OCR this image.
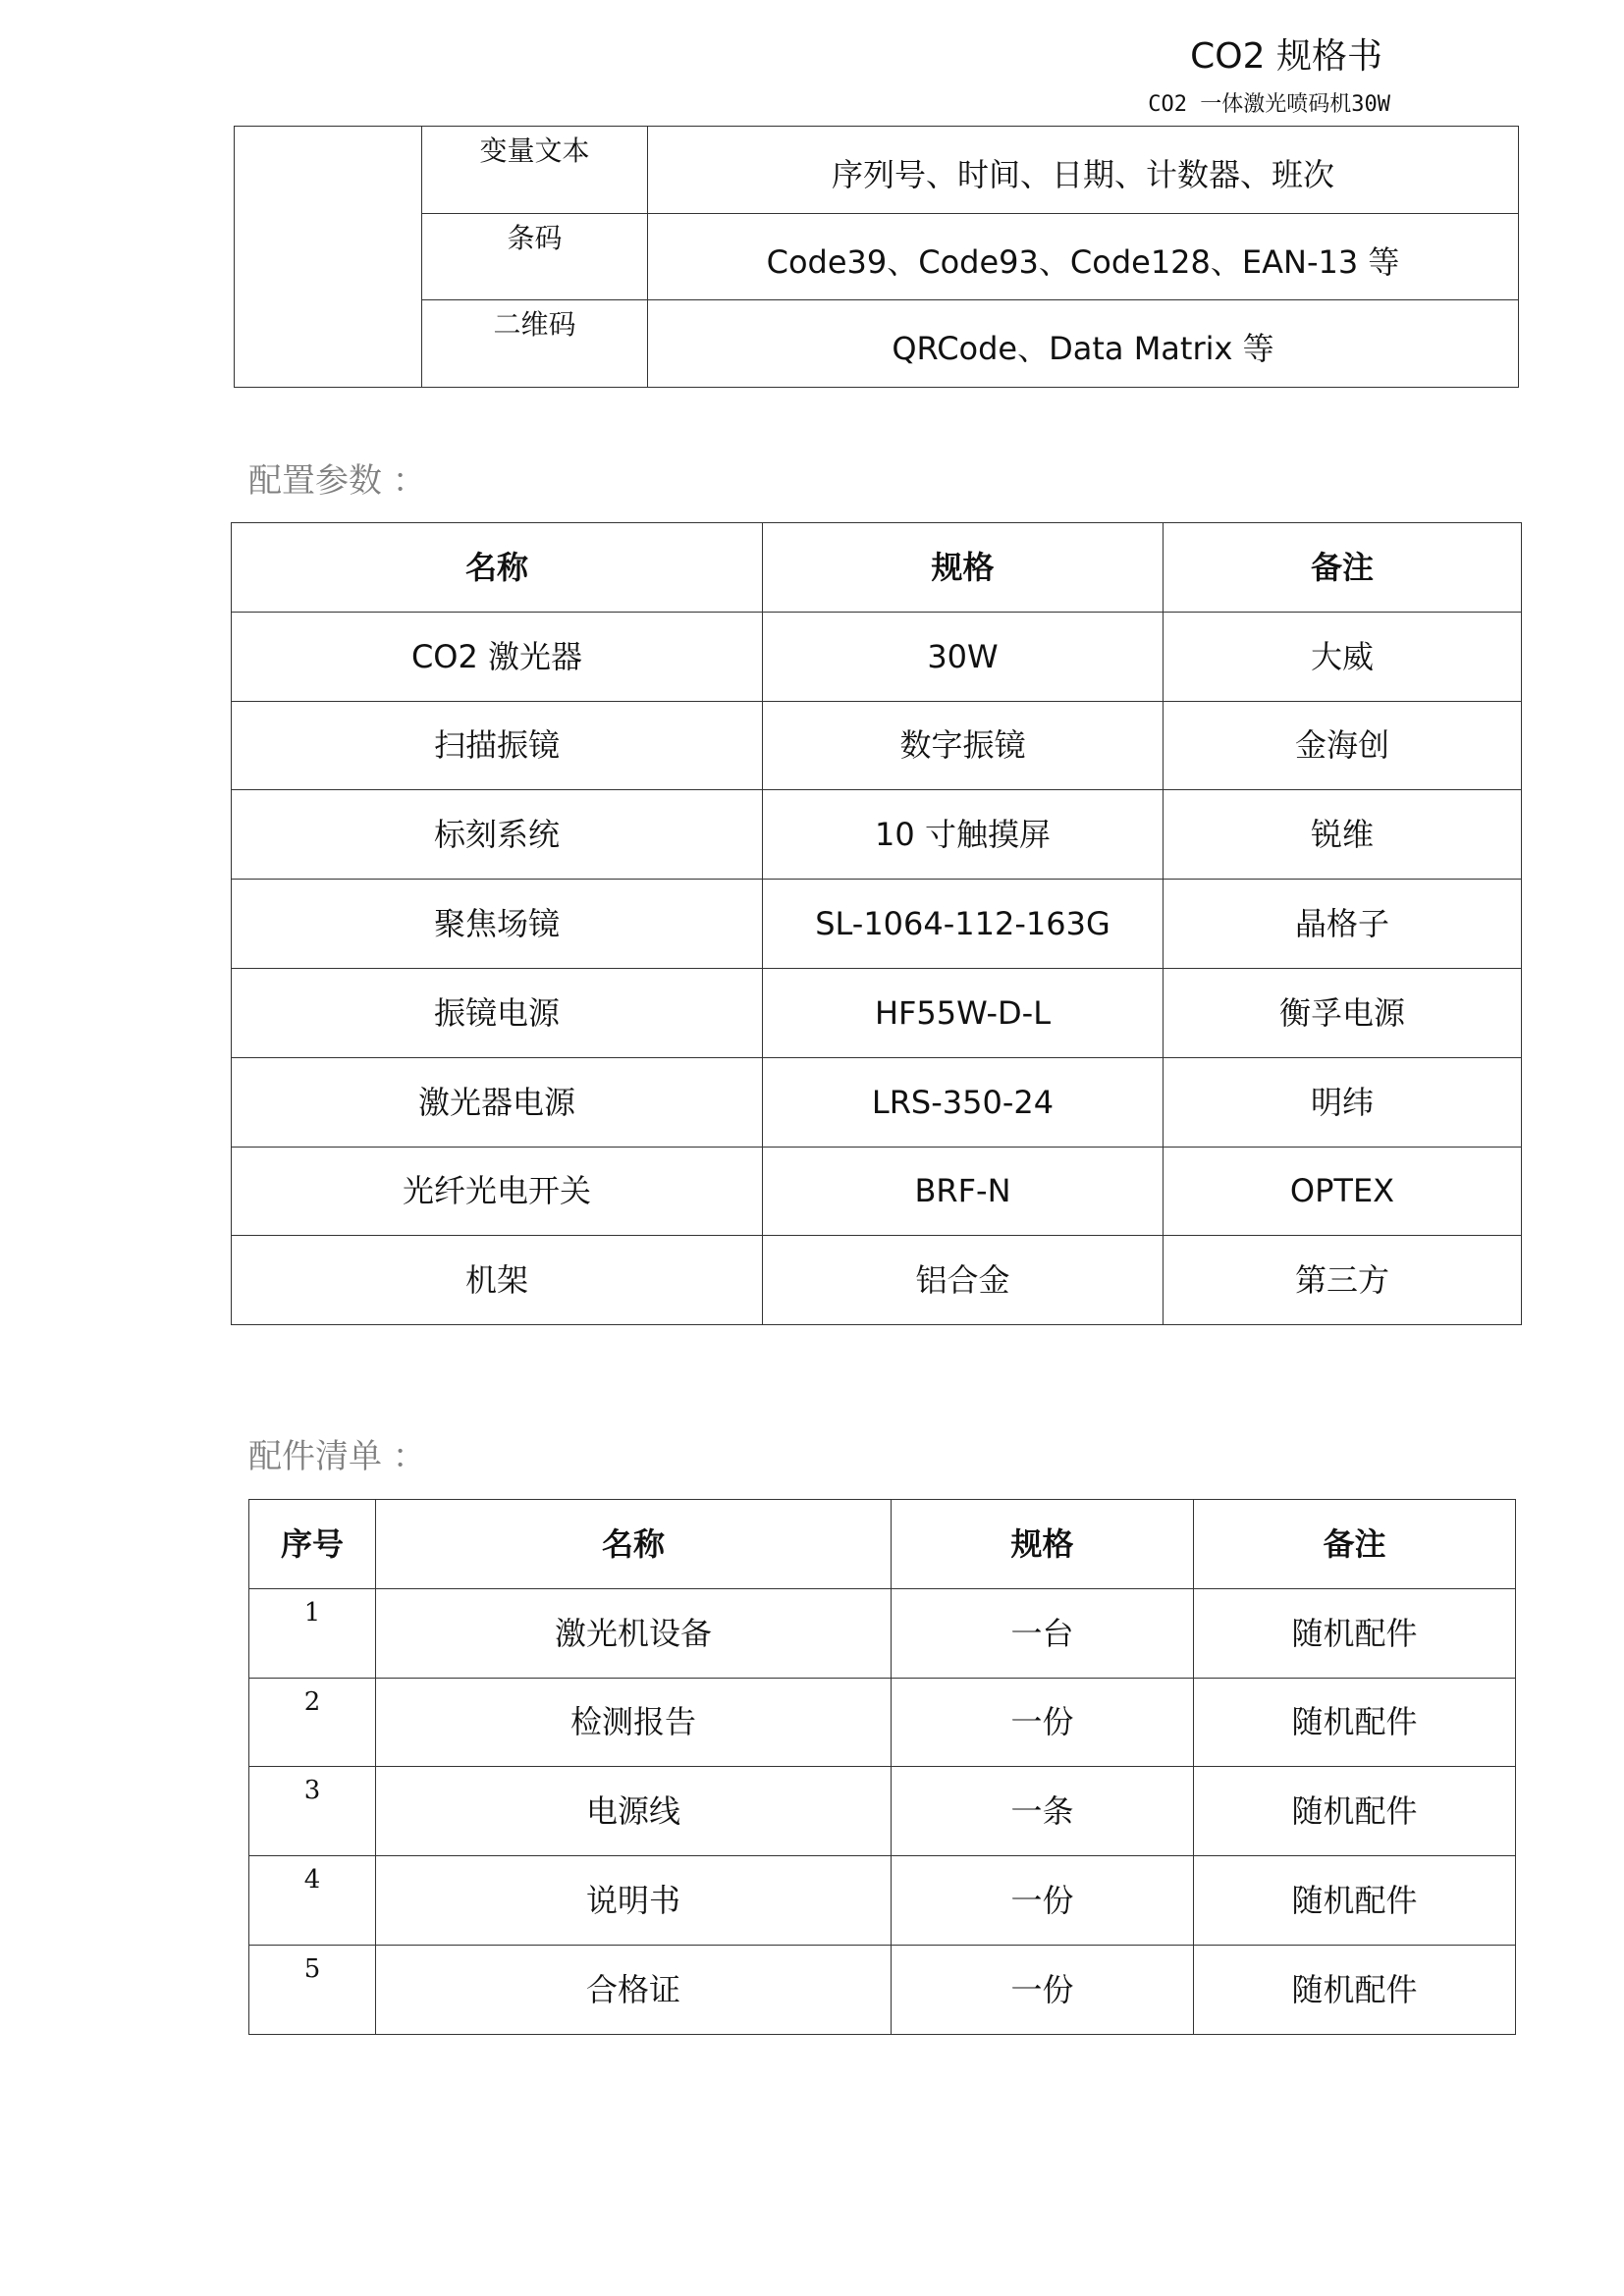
CO2 规格书
CO2 一体激光喷码机30W
	变量文本	序列号、时间、日期、计数器、班次
	条码	Code39、Code93、Code128、EAN-13 等
	二维码	QRCode、Data Matrix 等
配置参数 ：
名称	规格	备注
CO2 激光器	30W	大威
扫描振镜	数字振镜	金海创
标刻系统	10 寸触摸屏	锐维
聚焦场镜	SL-1064-112-163G	晶格子
振镜电源	HF55W-D-L	衡孚电源
激光器电源	LRS-350-24	明纬
光纤光电开关	BRF-N	OPTEX
机架	铝合金	第三方
配件清单 ：
序号	名称	规格	备注
1	激光机设备	一台	随机配件
2	检测报告	一份	随机配件
3	电源线	一条	随机配件
4	说明书	一份	随机配件
5	合格证	一份	随机配件
